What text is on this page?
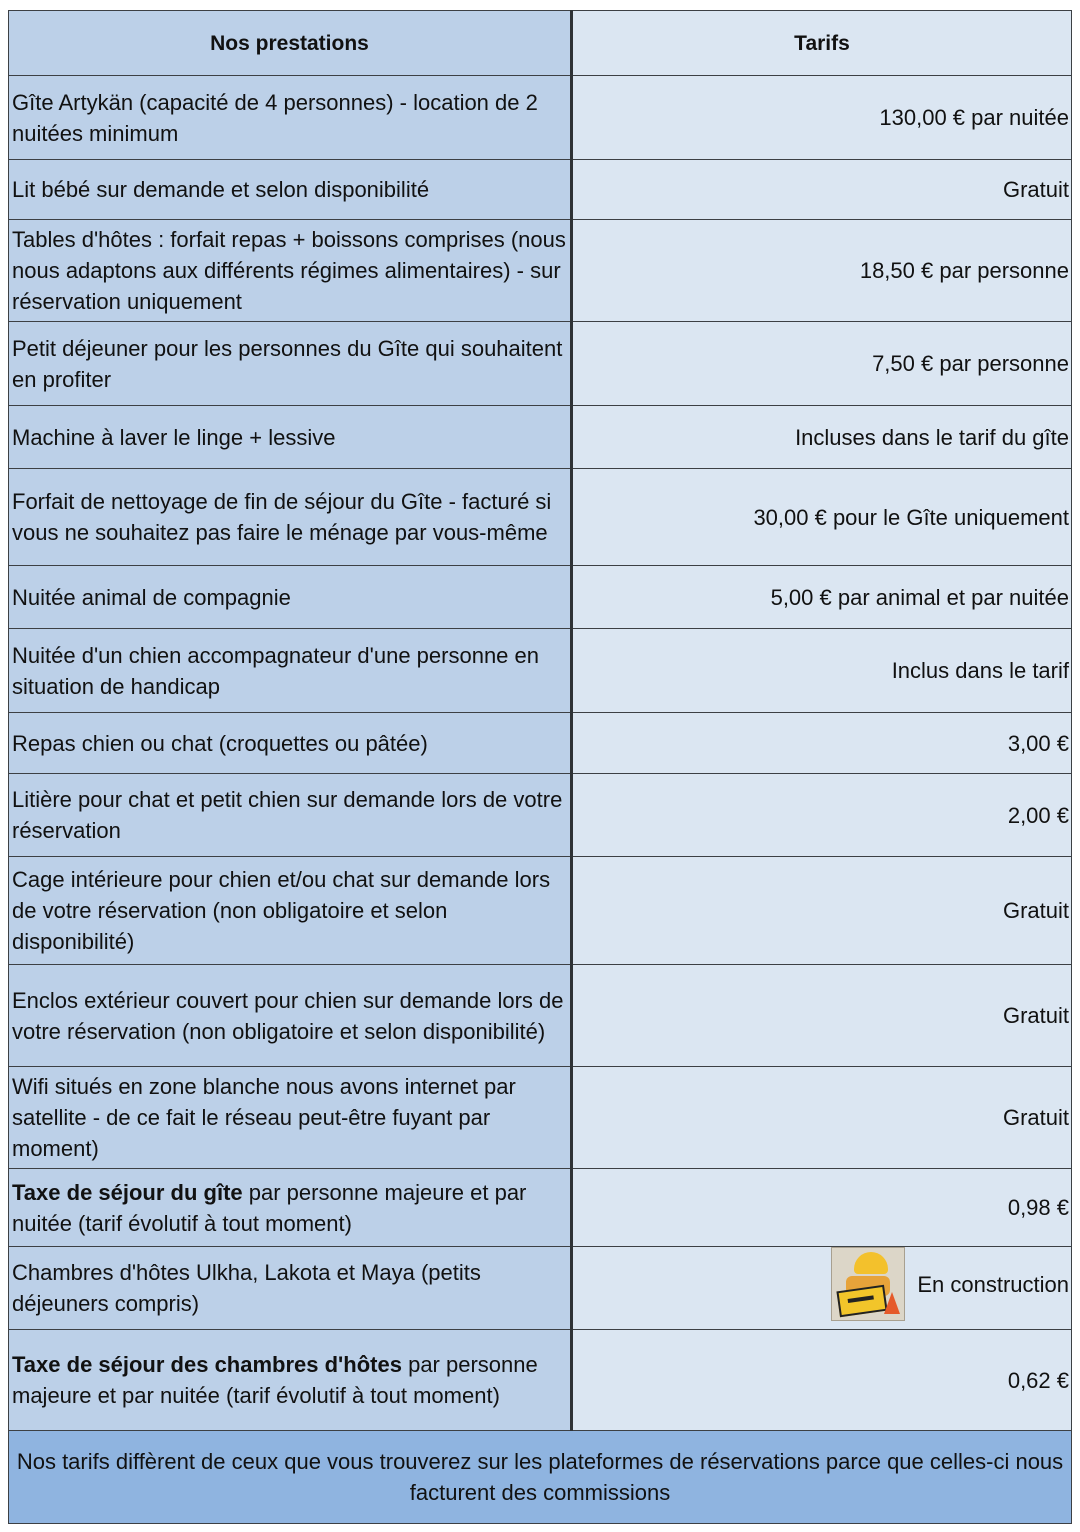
Nos prestations	Tarifs
Gîte Artykän (capacité de 4 personnes) - location de 2 nuitées minimum	130,00 € par nuitée
Lit bébé sur demande et selon disponibilité	Gratuit
Tables d'hôtes : forfait repas + boissons comprises (nous nous adaptons aux différents régimes alimentaires) - sur réservation uniquement	18,50 € par personne
Petit déjeuner pour les personnes du Gîte qui souhaitent en profiter	7,50 € par personne
Machine à laver le linge + lessive	Incluses dans le tarif du gîte
Forfait de nettoyage de fin de séjour du Gîte - facturé si vous ne souhaitez pas faire le ménage par vous-même	30,00 € pour le Gîte uniquement
Nuitée animal de compagnie	5,00 € par animal et par nuitée
Nuitée d'un chien accompagnateur d'une personne en situation de handicap	Inclus dans le tarif
Repas chien ou chat (croquettes ou pâtée)	3,00 €
Litière pour chat et petit chien sur demande lors de votre réservation	2,00 €
Cage intérieure pour chien et/ou chat sur demande lors de votre réservation (non obligatoire et selon disponibilité)	Gratuit
Enclos extérieur couvert pour chien sur demande lors de votre réservation (non obligatoire et selon disponibilité)	Gratuit
Wifi situés en zone blanche nous avons internet par satellite - de ce fait le réseau peut-être fuyant par moment)	Gratuit
Taxe de séjour du gîte par personne majeure et par nuitée (tarif évolutif à tout moment)	0,98 €
Chambres d'hôtes Ulkha, Lakota et Maya (petits déjeuners compris)	En construction

Taxe de séjour des chambres d'hôtes par personne majeure et par nuitée (tarif évolutif à tout moment)	0,62 €
Nos tarifs diffèrent de ceux que vous trouverez sur les plateformes de réservations parce que celles-ci nous facturent des commissions	
